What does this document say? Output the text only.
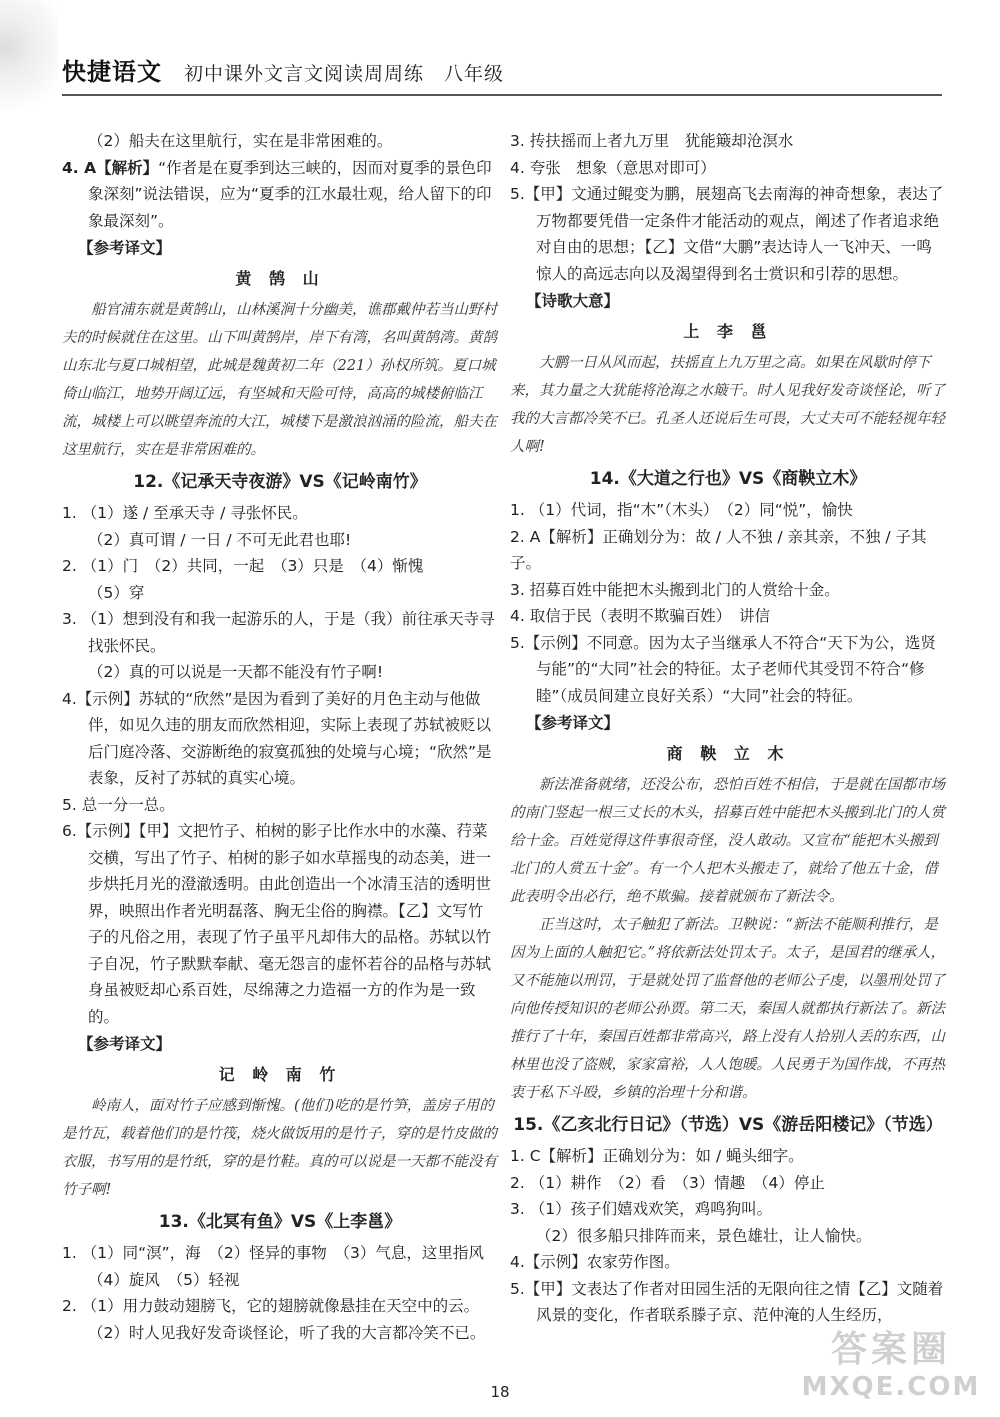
快捷语文 初中课外文言文阅读周周练　八年级

（2）船夫在这里航行，实在是非常困难的。

4. A【解析】“作者是在夏季到达三峡的，因而对夏季的景色印象深刻”说法错误，应为“夏季的江水最壮观，给人留下的印象最深刻”。

【参考译文】
黄 鹄 山

船官浦东就是黄鹄山，山林溪涧十分幽美，谯郡戴仲若当山野村夫的时候就住在这里。山下叫黄鹄岸，岸下有湾，名叫黄鹄湾。黄鹄山东北与夏口城相望，此城是魏黄初二年（221）孙权所筑。夏口城倚山临江，地势开阔辽远，有坚城和天险可恃，高高的城楼俯临江流，城楼上可以眺望奔流的大江，城楼下是激浪汹涌的险流，船夫在这里航行，实在是非常困难的。

12.《记承天寺夜游》VS《记岭南竹》

1. （1）遂 / 至承天寺 / 寻张怀民。

（2）真可谓 / 一日 / 不可无此君也耶!

2. （1）门　（2）共同，一起　（3）只是　（4）惭愧

（5）穿

3. （1）想到没有和我一起游乐的人，于是（我）前往承天寺寻找张怀民。

（2）真的可以说是一天都不能没有竹子啊!

4.【示例】苏轼的“欣然”是因为看到了美好的月色主动与他做伴，如见久违的朋友而欣然相迎，实际上表现了苏轼被贬以后门庭冷落、交游断绝的寂寞孤独的处境与心境；“欣然”是表象，反衬了苏轼的真实心境。

5. 总一分一总。

6.【示例】【甲】文把竹子、柏树的影子比作水中的水藻、荇菜交横，写出了竹子、柏树的影子如水草摇曳的动态美，进一步烘托月光的澄澈透明。由此创造出一个冰清玉洁的透明世界，映照出作者光明磊落、胸无尘俗的胸襟。【乙】文写竹子的凡俗之用，表现了竹子虽平凡却伟大的品格。苏轼以竹子自况，竹子默默奉献、毫无怨言的虚怀若谷的品格与苏轼身虽被贬却心系百姓，尽绵薄之力造福一方的作为是一致的。

【参考译文】
记 岭 南 竹

岭南人，面对竹子应感到惭愧。(他们)吃的是竹笋，盖房子用的是竹瓦，载着他们的是竹筏，烧火做饭用的是竹子，穿的是竹皮做的衣服，书写用的是竹纸，穿的是竹鞋。真的可以说是一天都不能没有竹子啊!

13.《北冥有鱼》VS《上李邕》

1. （1）同“溟”，海　（2）怪异的事物　（3）气息，这里指风　（4）旋风　（5）轻视

2. （1）用力鼓动翅膀飞，它的翅膀就像悬挂在天空中的云。

（2）时人见我好发奇谈怪论，听了我的大言都冷笑不已。

3. 抟扶摇而上者九万里　犹能簸却沧溟水

4. 夸张　想象（意思对即可）

5.【甲】文通过鲲变为鹏，展翅高飞去南海的神奇想象，表达了万物都要凭借一定条件才能活动的观点，阐述了作者追求绝对自由的思想；【乙】文借“大鹏”表达诗人一飞冲天、一鸣惊人的高远志向以及渴望得到名士赏识和引荐的思想。

【诗歌大意】
上 李 邕

大鹏一日从风而起，扶摇直上九万里之高。如果在风歇时停下来，其力量之大犹能将沧海之水簸干。时人见我好发奇谈怪论，听了我的大言都冷笑不已。孔圣人还说后生可畏，大丈夫可不能轻视年轻人啊!

14.《大道之行也》VS《商鞅立木》

1. （1）代词，指“木”（木头）　（2）同“悦”，愉快

2. A【解析】正确划分为：故 / 人不独 / 亲其亲，不独 / 子其子。

3. 招募百姓中能把木头搬到北门的人赏给十金。

4. 取信于民（表明不欺骗百姓）　讲信

5.【示例】不同意。因为太子当继承人不符合“天下为公，选贤与能”的“大同”社会的特征。太子老师代其受罚不符合“修睦”（成员间建立良好关系）“大同”社会的特征。

【参考译文】
商 鞅 立 木

新法准备就绪，还没公布，恐怕百姓不相信，于是就在国都市场的南门竖起一根三丈长的木头，招募百姓中能把木头搬到北门的人赏给十金。百姓觉得这件事很奇怪，没人敢动。又宣布“能把木头搬到北门的人赏五十金”。有一个人把木头搬走了，就给了他五十金，借此表明令出必行，绝不欺骗。接着就颁布了新法令。

正当这时，太子触犯了新法。卫鞅说：“新法不能顺利推行，是因为上面的人触犯它。”将依新法处罚太子。太子，是国君的继承人，又不能施以刑罚，于是就处罚了监督他的老师公子虔，以墨刑处罚了向他传授知识的老师公孙贾。第二天，秦国人就都执行新法了。新法推行了十年，秦国百姓都非常高兴，路上没有人拾别人丢的东西，山林里也没了盗贼，家家富裕，人人饱暖。人民勇于为国作战，不再热衷于私下斗殴，乡镇的治理十分和谐。

15.《乙亥北行日记》（节选）VS《游岳阳楼记》（节选）

1. C【解析】正确划分为：如 / 蝇头细字。

2. （1）耕作　（2）看　（3）情趣　（4）停止

3. （1）孩子们嬉戏欢笑，鸡鸣狗叫。

（2）很多船只排阵而来，景色雄壮，让人愉快。

4.【示例】农家劳作图。

5.【甲】文表达了作者对田园生活的无限向往之情【乙】文随着风景的变化，作者联系滕子京、范仲淹的人生经历，

18
答案圈
MXQE.COM
